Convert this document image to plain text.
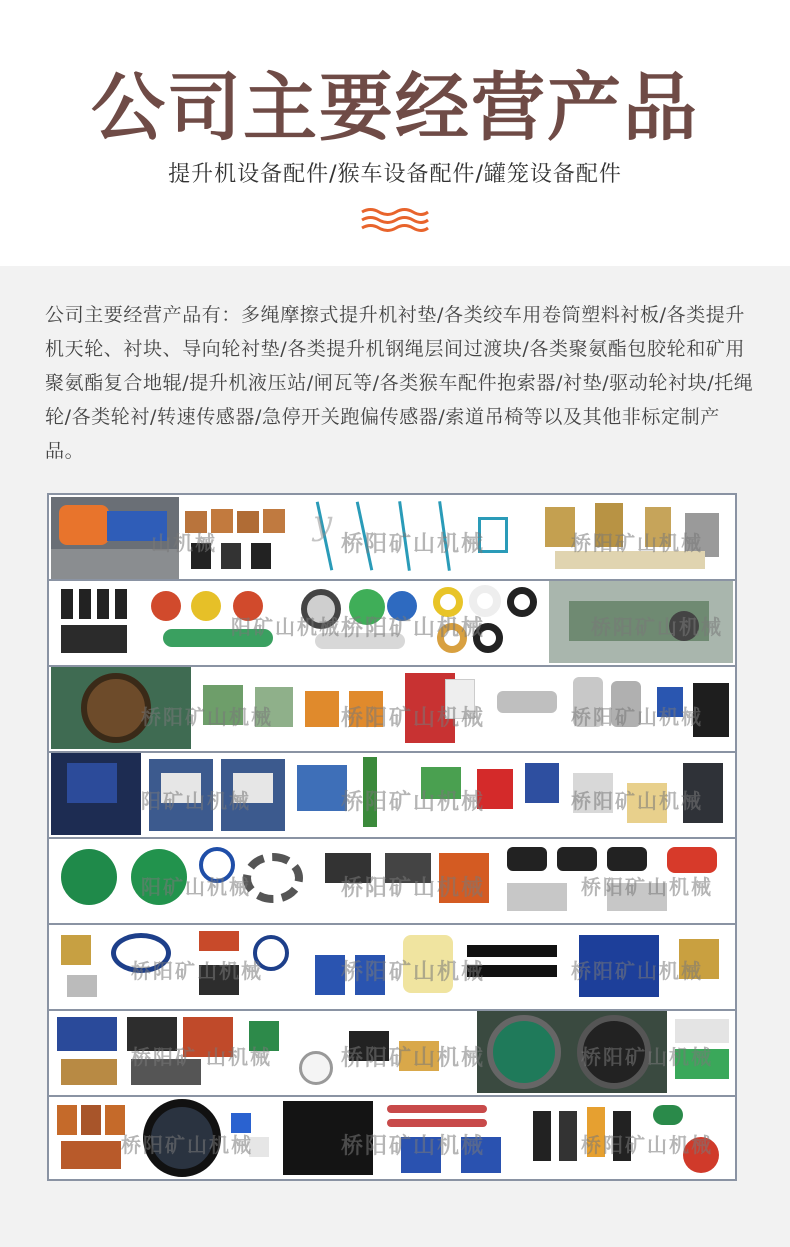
公司主要经营产品
提升机设备配件/猴车设备配件/罐笼设备配件
公司主要经营产品有：多绳摩擦式提升机衬垫/各类绞车用卷筒塑料衬板/各类提升机天轮、衬块、导向轮衬垫/各类提升机钢绳层间过渡块/各类聚氨酯包胶轮和矿用聚氨酯复合地辊/提升机液压站/闸瓦等/各类猴车配件抱索器/衬垫/驱动轮衬块/托绳轮/各类轮衬/转速传感器/急停开关跑偏传感器/索道吊椅等以及其他非标定制产品。
y
桥阳矿山机械
山机械	桥阳矿山机械
阳矿山机械 桥阳矿山机械	桥阳矿山机械
桥阳矿山机械	桥阳矿山机械	桥阳矿山机械
阳矿山机械	桥阳矿山机械	桥阳矿山机械
阳矿山机械	桥阳矿山机械	桥阳矿山机械
桥阳矿山机械	桥阳矿山机械	桥阳矿山机械
桥阳矿 山机械	桥阳矿山机械	桥阳矿山机械
桥阳矿山机械	桥阳矿山机械	桥阳矿山机械
